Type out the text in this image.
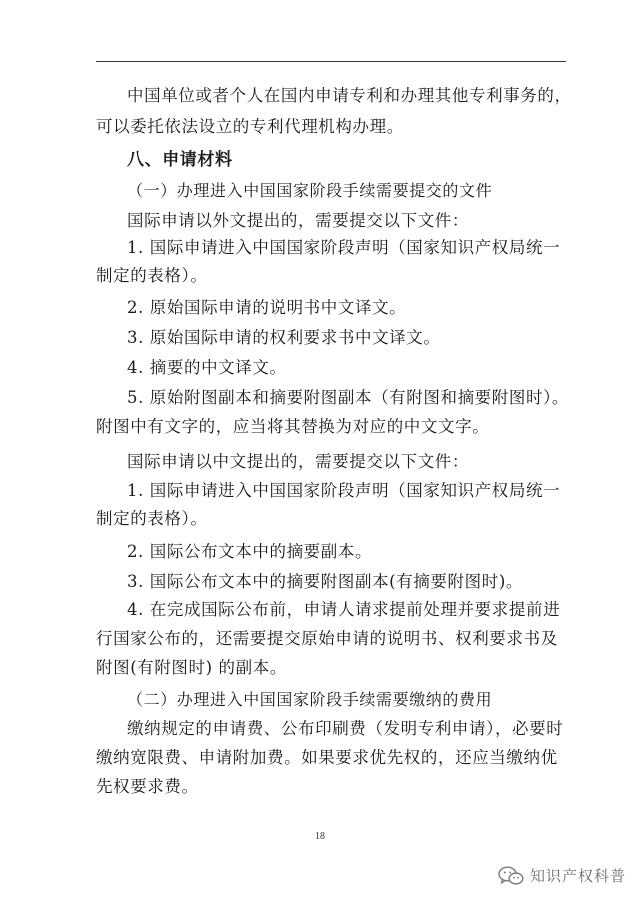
中国单位或者个人在国内申请专利和办理其他专利事务的，
可以委托依法设立的专利代理机构办理。
八、申请材料
（一）办理进入中国国家阶段手续需要提交的文件
国际申请以外文提出的，需要提交以下文件：
1. 国际申请进入中国国家阶段声明（国家知识产权局统一
制定的表格）。
2. 原始国际申请的说明书中文译文。
3. 原始国际申请的权利要求书中文译文。
4. 摘要的中文译文。
5. 原始附图副本和摘要附图副本（有附图和摘要附图时）。
附图中有文字的，应当将其替换为对应的中文文字。
国际申请以中文提出的，需要提交以下文件：
1. 国际申请进入中国国家阶段声明（国家知识产权局统一
制定的表格）。
2. 国际公布文本中的摘要副本。
3. 国际公布文本中的摘要附图副本(有摘要附图时)。
4. 在完成国际公布前，申请人请求提前处理并要求提前进
行国家公布的，还需要提交原始申请的说明书、权利要求书及
附图(有附图时) 的副本。
（二）办理进入中国国家阶段手续需要缴纳的费用
缴纳规定的申请费、公布印刷费（发明专利申请），必要时
缴纳宽限费、申请附加费。如果要求优先权的，还应当缴纳优
先权要求费。
18
知识产权科普
